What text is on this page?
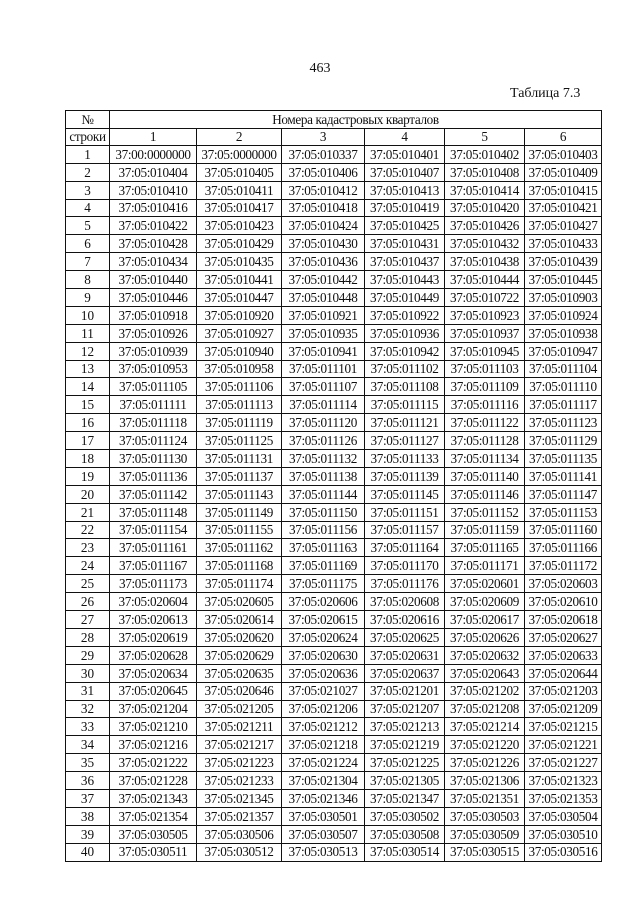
463
Таблица 7.3
№	Номера кадастровых кварталов					
строки	1	2	3	4	5	6
1	37:00:0000000	37:05:0000000	37:05:010337	37:05:010401	37:05:010402	37:05:010403
2	37:05:010404	37:05:010405	37:05:010406	37:05:010407	37:05:010408	37:05:010409
3	37:05:010410	37:05:010411	37:05:010412	37:05:010413	37:05:010414	37:05:010415
4	37:05:010416	37:05:010417	37:05:010418	37:05:010419	37:05:010420	37:05:010421
5	37:05:010422	37:05:010423	37:05:010424	37:05:010425	37:05:010426	37:05:010427
6	37:05:010428	37:05:010429	37:05:010430	37:05:010431	37:05:010432	37:05:010433
7	37:05:010434	37:05:010435	37:05:010436	37:05:010437	37:05:010438	37:05:010439
8	37:05:010440	37:05:010441	37:05:010442	37:05:010443	37:05:010444	37:05:010445
9	37:05:010446	37:05:010447	37:05:010448	37:05:010449	37:05:010722	37:05:010903
10	37:05:010918	37:05:010920	37:05:010921	37:05:010922	37:05:010923	37:05:010924
11	37:05:010926	37:05:010927	37:05:010935	37:05:010936	37:05:010937	37:05:010938
12	37:05:010939	37:05:010940	37:05:010941	37:05:010942	37:05:010945	37:05:010947
13	37:05:010953	37:05:010958	37:05:011101	37:05:011102	37:05:011103	37:05:011104
14	37:05:011105	37:05:011106	37:05:011107	37:05:011108	37:05:011109	37:05:011110
15	37:05:011111	37:05:011113	37:05:011114	37:05:011115	37:05:011116	37:05:011117
16	37:05:011118	37:05:011119	37:05:011120	37:05:011121	37:05:011122	37:05:011123
17	37:05:011124	37:05:011125	37:05:011126	37:05:011127	37:05:011128	37:05:011129
18	37:05:011130	37:05:011131	37:05:011132	37:05:011133	37:05:011134	37:05:011135
19	37:05:011136	37:05:011137	37:05:011138	37:05:011139	37:05:011140	37:05:011141
20	37:05:011142	37:05:011143	37:05:011144	37:05:011145	37:05:011146	37:05:011147
21	37:05:011148	37:05:011149	37:05:011150	37:05:011151	37:05:011152	37:05:011153
22	37:05:011154	37:05:011155	37:05:011156	37:05:011157	37:05:011159	37:05:011160
23	37:05:011161	37:05:011162	37:05:011163	37:05:011164	37:05:011165	37:05:011166
24	37:05:011167	37:05:011168	37:05:011169	37:05:011170	37:05:011171	37:05:011172
25	37:05:011173	37:05:011174	37:05:011175	37:05:011176	37:05:020601	37:05:020603
26	37:05:020604	37:05:020605	37:05:020606	37:05:020608	37:05:020609	37:05:020610
27	37:05:020613	37:05:020614	37:05:020615	37:05:020616	37:05:020617	37:05:020618
28	37:05:020619	37:05:020620	37:05:020624	37:05:020625	37:05:020626	37:05:020627
29	37:05:020628	37:05:020629	37:05:020630	37:05:020631	37:05:020632	37:05:020633
30	37:05:020634	37:05:020635	37:05:020636	37:05:020637	37:05:020643	37:05:020644
31	37:05:020645	37:05:020646	37:05:021027	37:05:021201	37:05:021202	37:05:021203
32	37:05:021204	37:05:021205	37:05:021206	37:05:021207	37:05:021208	37:05:021209
33	37:05:021210	37:05:021211	37:05:021212	37:05:021213	37:05:021214	37:05:021215
34	37:05:021216	37:05:021217	37:05:021218	37:05:021219	37:05:021220	37:05:021221
35	37:05:021222	37:05:021223	37:05:021224	37:05:021225	37:05:021226	37:05:021227
36	37:05:021228	37:05:021233	37:05:021304	37:05:021305	37:05:021306	37:05:021323
37	37:05:021343	37:05:021345	37:05:021346	37:05:021347	37:05:021351	37:05:021353
38	37:05:021354	37:05:021357	37:05:030501	37:05:030502	37:05:030503	37:05:030504
39	37:05:030505	37:05:030506	37:05:030507	37:05:030508	37:05:030509	37:05:030510
40	37:05:030511	37:05:030512	37:05:030513	37:05:030514	37:05:030515	37:05:030516
